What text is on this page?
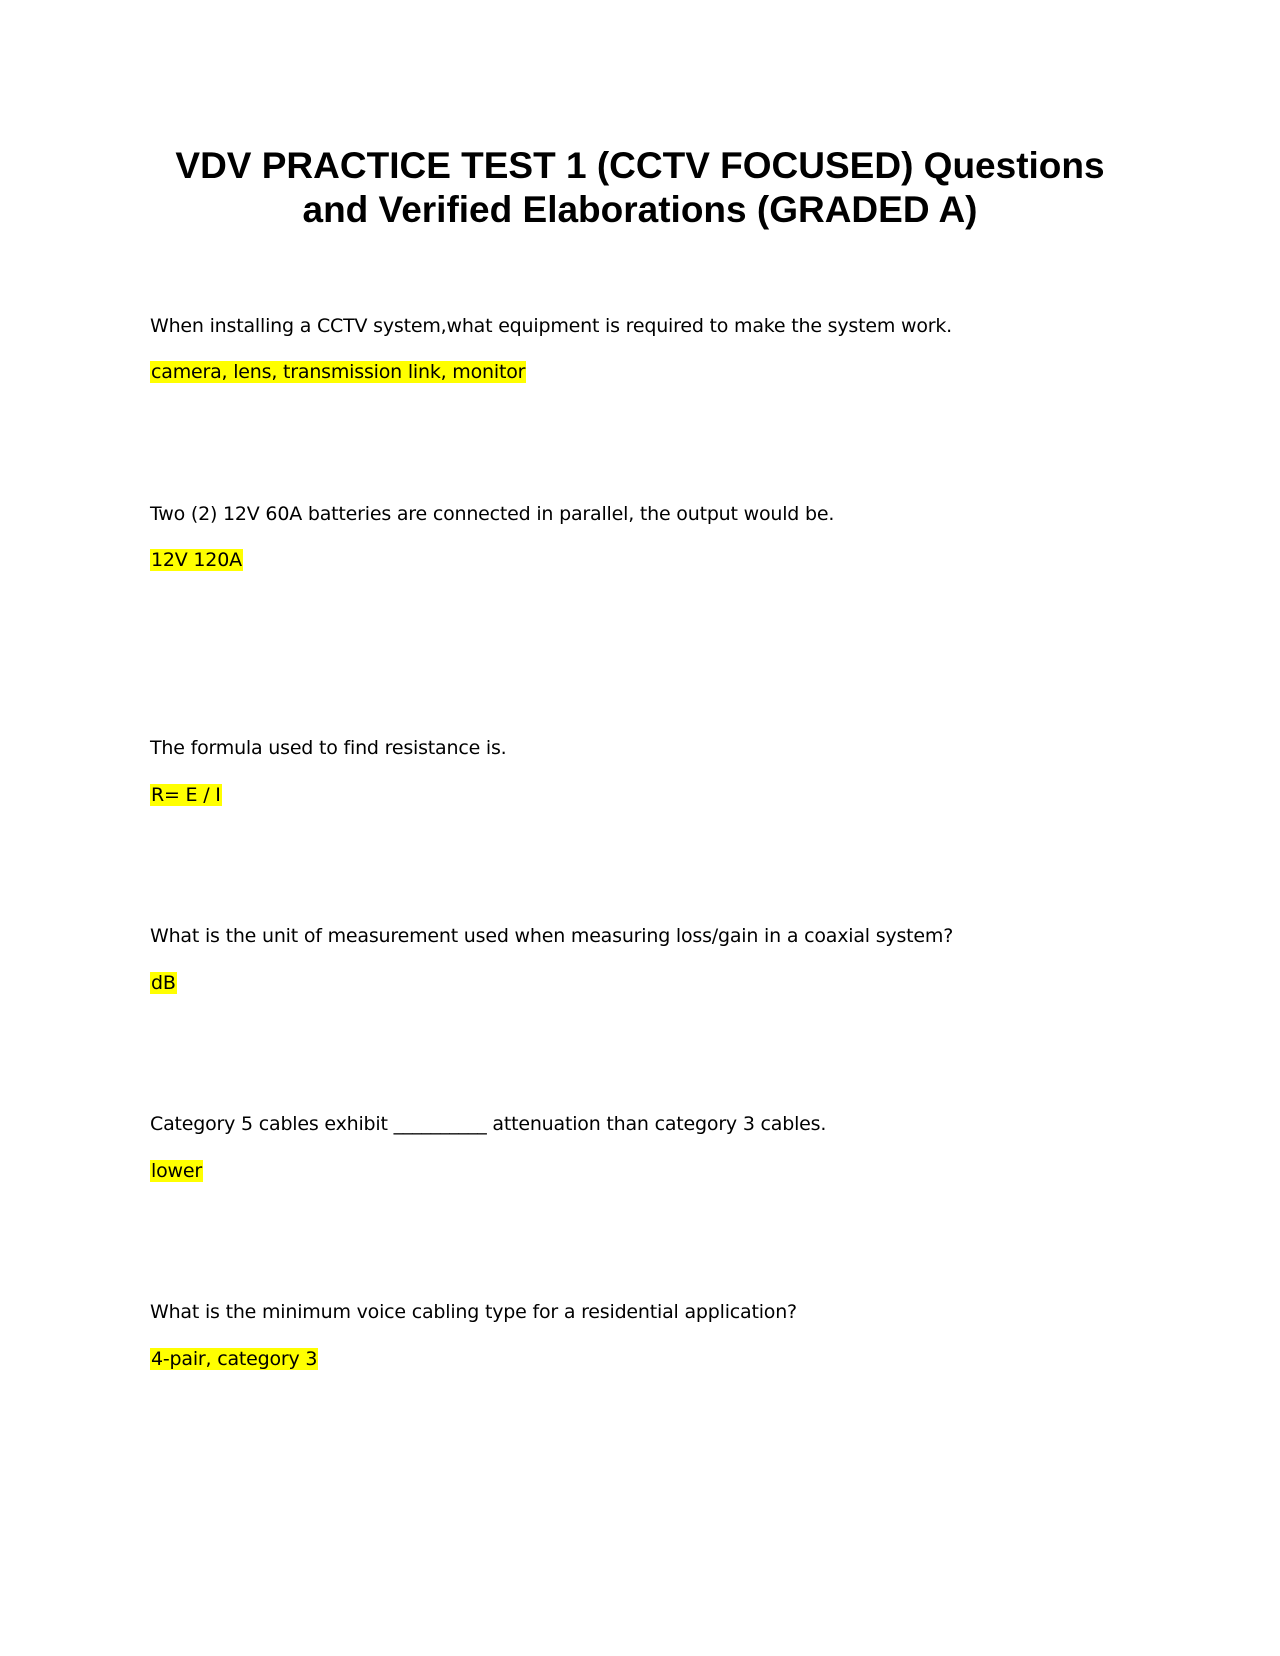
VDV PRACTICE TEST 1 (CCTV FOCUSED) Questions and Verified Elaborations (GRADED A)

When installing a CCTV system,what equipment is required to make the system work.

camera, lens, transmission link, monitor

Two (2) 12V 60A batteries are connected in parallel, the output would be.

12V 120A

The formula used to find resistance is.

R= E / I

What is the unit of measurement used when measuring loss/gain in a coaxial system?

dB

Category 5 cables exhibit __________ attenuation than category 3 cables.

lower

What is the minimum voice cabling type for a residential application?

4-pair, category 3
